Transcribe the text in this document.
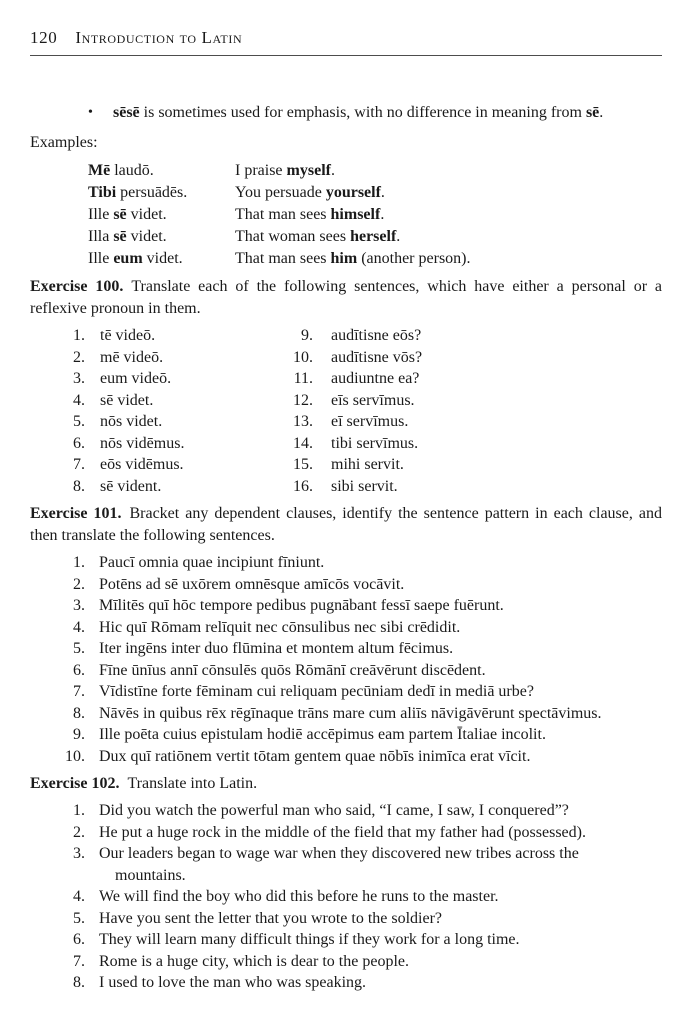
120 Introduction to Latin
•	sēsē is sometimes used for emphasis, with no difference in meaning from sē.
Examples:
Mē laudō.	I praise myself.
Tibi persuādēs.	You persuade yourself.
Ille sē videt.	That man sees himself.
Illa sē videt.	That woman sees herself.
Ille eum videt.	That man sees him (another person).

Exercise 100. Translate each of the following sentences, which have either a personal or a reflexive pronoun in them.

1. tē videō.
2. mē videō.
3. eum videō.
4. sē videt.
5. nōs videt.
6. nōs vidēmus.
7. eōs vidēmus.
8. sē vident.
9.	audītisne eōs?
10.	audītisne vōs?
11.	audiuntne ea?
12.	eīs servīmus.
13.	eī servīmus.
14.	tibi servīmus.
15.	mihi servit.
16.	sibi servit.

Exercise 101. Bracket any dependent clauses, identify the sentence pattern in each clause, and then translate the following sentences.

1. Paucī omnia quae incipiunt fīniunt.
2. Potēns ad sē uxōrem omnēsque amīcōs vocāvit.
3. Mīlitēs quī hōc tempore pedibus pugnābant fessī saepe fuērunt.
4. Hic quī Rōmam relīquit nec cōnsulibus nec sibi crēdidit.
5. Iter ingēns inter duo flūmina et montem altum fēcimus.
6. Fīne ūnīus annī cōnsulēs quōs Rōmānī creāvērunt discēdent.
7. Vīdistīne forte fēminam cui reliquam pecūniam dedī in mediā urbe?
8. Nāvēs in quibus rēx rēgīnaque trāns mare cum aliīs nāvigāvērunt spectāvimus.
9. Ille poēta cuius epistulam hodiē accēpimus eam partem Ītaliae incolit.
10. Dux quī ratiōnem vertit tōtam gentem quae nōbīs inimīca erat vīcit.

Exercise 102. Translate into Latin.

1. Did you watch the powerful man who said, “I came, I saw, I conquered”?
2. He put a huge rock in the middle of the field that my father had (possessed).
3. Our leaders began to wage war when they discovered new tribes across the
mountains.
4. We will find the boy who did this before he runs to the master.
5. Have you sent the letter that you wrote to the soldier?
6. They will learn many difficult things if they work for a long time.
7. Rome is a huge city, which is dear to the people.
8. I used to love the man who was speaking.
